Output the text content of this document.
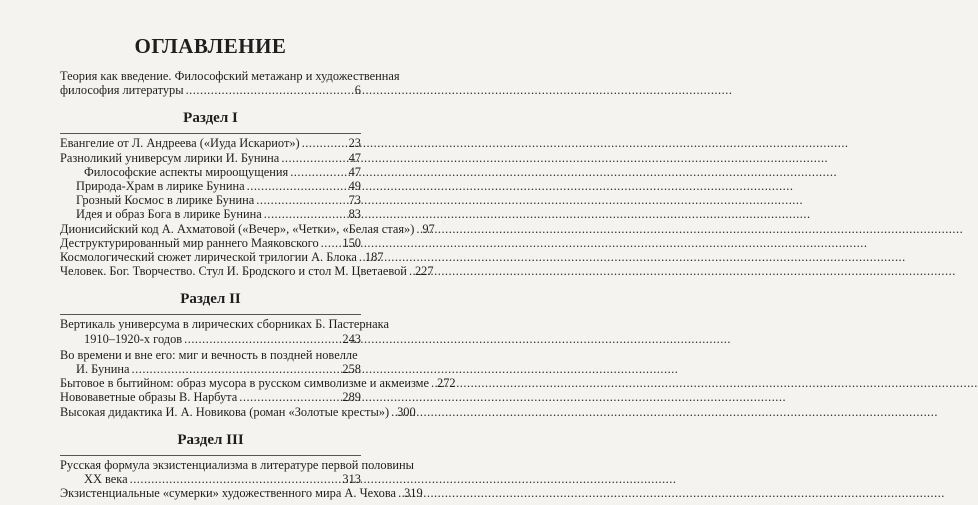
ОГЛАВЛЕНИЕ
Теория как введение. Философский метажанр и художественная
философия литературы .....	6
Раздел I
Евангелие от Л. Андреева («Иуда Искариот») .....	23
Разноликий универсум лирики И. Бунина .....	47
Философские аспекты мироощущения .....	47
Природа-Храм в лирике Бунина .....	49
Грозный Космос в лирике Бунина .....	73
Идея и образ Бога в лирике Бунина .....	83
Дионисийский код А. Ахматовой («Вечер», «Четки», «Белая стая») ..... 97
Деструктурированный мир раннего Маяковского ..... 150
Космологический сюжет лирической трилогии А. Блока ..... 187
Человек. Бог. Творчество. Стул И. Бродского и стол М. Цветаевой ..... 227
Раздел II
Вертикаль универсума в лирических сборниках Б. Пастернака
1910–1920-х годов .....	243
Во времени и вне его: миг и вечность в поздней новелле
И. Бунина .....	258
Бытовое в бытийном: образ мусора в русском символизме и акмеизме ..... 272
Нововаветные образы В. Нарбута .....	289
Высокая дидактика И. А. Новикова (роман «Золотые кресты») ..... 300
Раздел III
Русская формула экзистенциализма в литературе первой половины
XX века .....	313
Экзистенциальные «сумерки» художественного мира А. Чехова ..... 319
